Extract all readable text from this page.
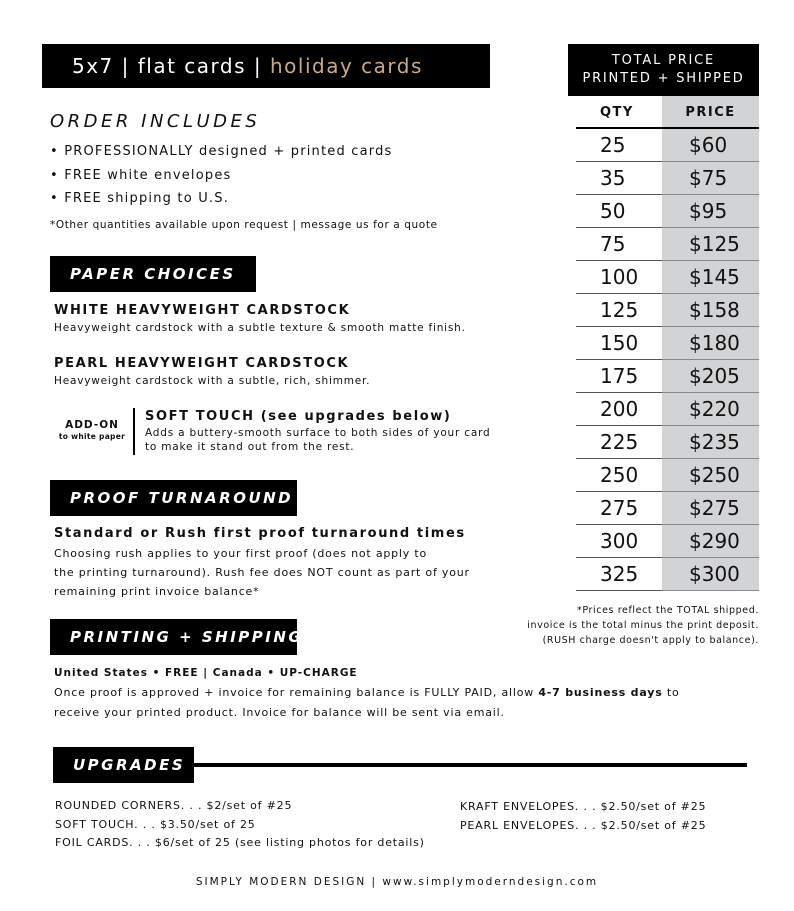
5x7 | flat cards | holiday cards
ORDER INCLUDES
• PROFESSIONALLY designed + printed cards
• FREE white envelopes
• FREE shipping to U.S.
*Other quantities available upon request | message us for a quote
PAPER CHOICES
WHITE HEAVYWEIGHT CARDSTOCK
Heavyweight cardstock with a subtle texture & smooth matte finish.
PEARL HEAVYWEIGHT CARDSTOCK
Heavyweight cardstock with a subtle, rich, shimmer.
ADD-ON
to white paper
SOFT TOUCH (see upgrades below)
Adds a buttery-smooth surface to both sides of your card
to make it stand out from the rest.
PROOF TURNAROUND
Standard or Rush first proof turnaround times
Choosing rush applies to your first proof (does not apply to
the printing turnaround). Rush fee does NOT count as part of your
remaining print invoice balance*
PRINTING + SHIPPING
United States • FREE | Canada • UP-CHARGE
Once proof is approved + invoice for remaining balance is FULLY PAID, allow 4-7 business days to
receive your printed product. Invoice for balance will be sent via email.
TOTAL PRICE
PRINTED + SHIPPED
QTY	PRICE
25	$60
35	$75
50	$95
75	$125
100	$145
125	$158
150	$180
175	$205
200	$220
225	$235
250	$250
275	$275
300	$290
325	$300
*Prices reflect the TOTAL shipped.
invoice is the total minus the print deposit.
(RUSH charge doesn't apply to balance).
UPGRADES
ROUNDED CORNERS. . . $2/set of #25
SOFT TOUCH. . . $3.50/set of 25
FOIL CARDS. . . $6/set of 25 (see listing photos for details)
KRAFT ENVELOPES. . . $2.50/set of #25
PEARL ENVELOPES. . . $2.50/set of #25
SIMPLY MODERN DESIGN | www.simplymoderndesign.com
